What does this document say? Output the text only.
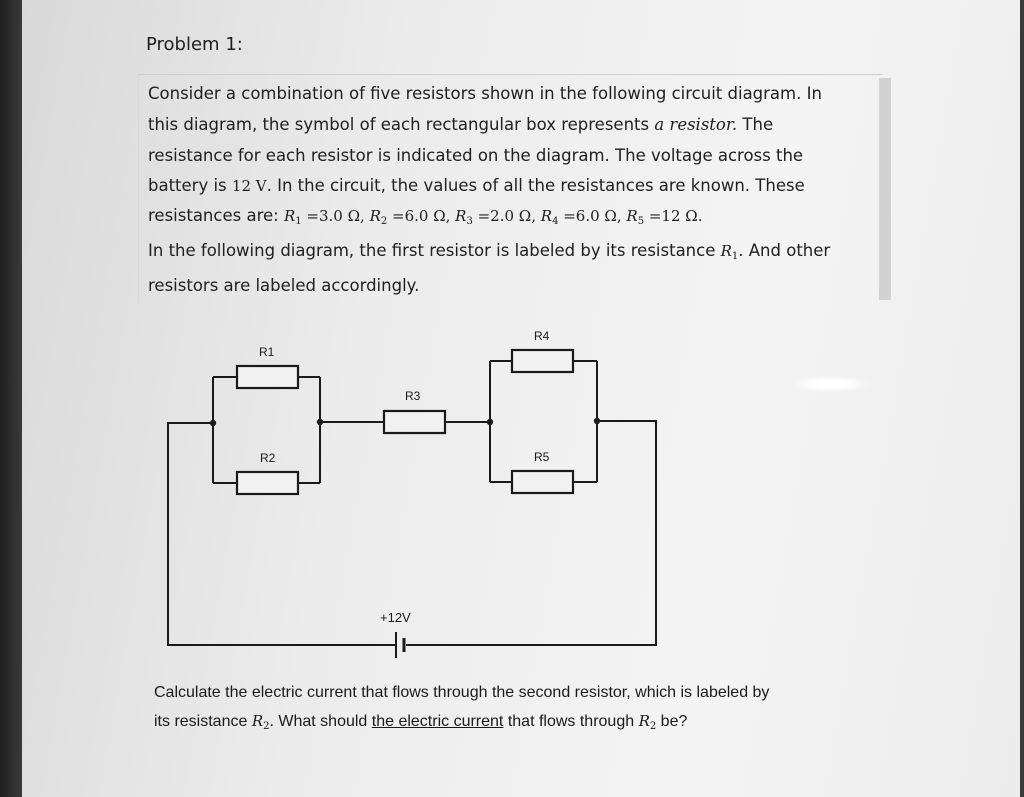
Problem 1:
Consider a combination of five resistors shown in the following circuit diagram. In
this diagram, the symbol of each rectangular box represents a resistor. The
resistance for each resistor is indicated on the diagram. The voltage across the
battery is 12 V. In the circuit, the values of all the resistances are known. These
resistances are: $R_1 =3.0$ Ω, $R_2 =6.0$ Ω, $R_3 =2.0$ Ω, $R_4 =6.0$ Ω, $R_5 =12$ Ω.
In the following diagram, the first resistor is labeled by its resistance $R_1$. And other
resistors are labeled accordingly.
R1
R2
R3
R4
R5
+12V
Calculate the electric current that flows through the second resistor, which is labeled by
its resistance $R_2$. What should the electric current that flows through $R_2$ be?
